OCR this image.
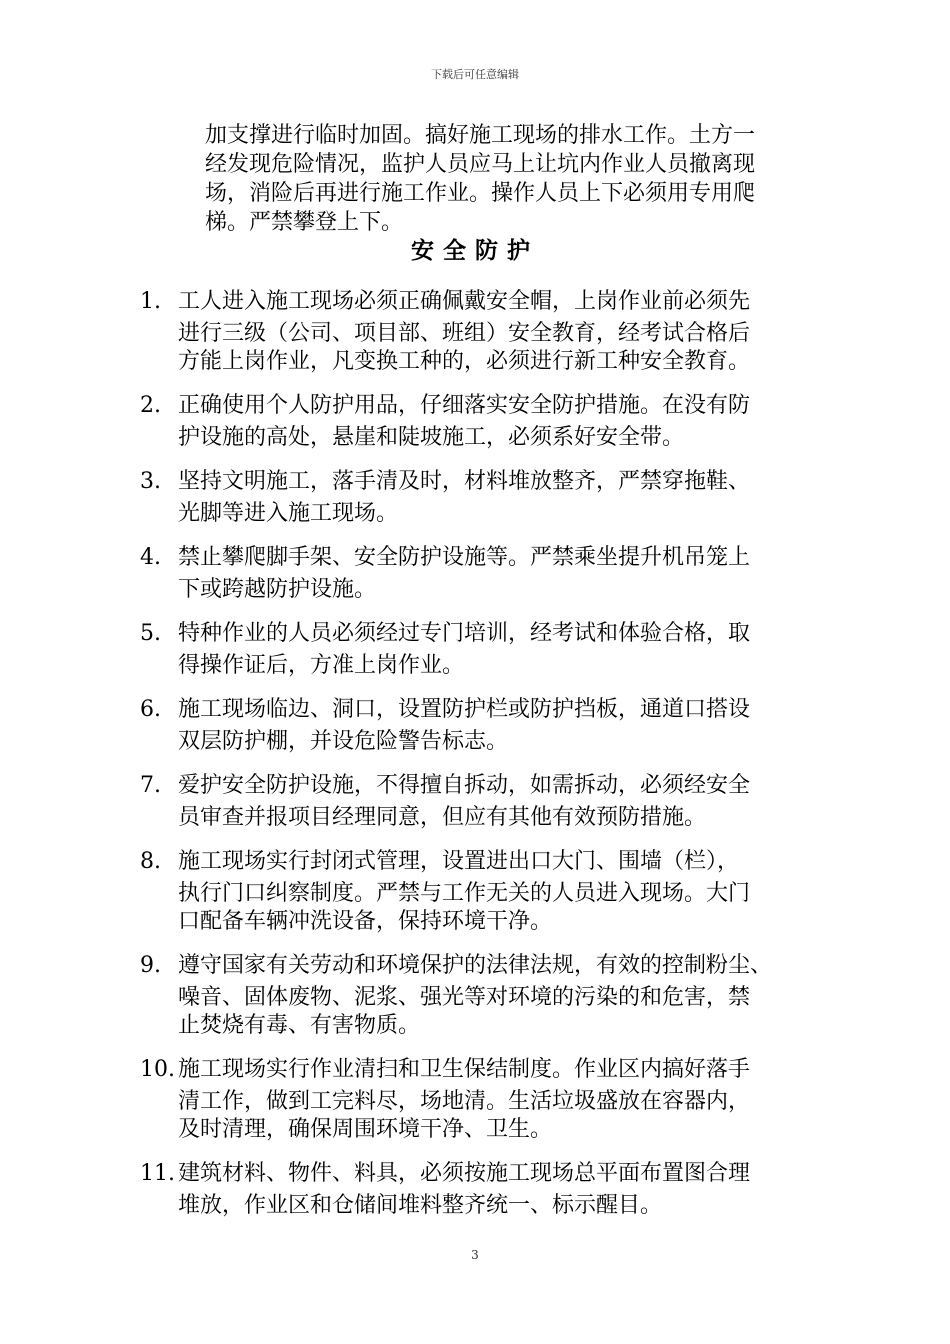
下载后可任意编辑
加支撑进行临时加固。搞好施工现场的排水工作。土方一
经发现危险情况，监护人员应马上让坑内作业人员撤离现
场，消险后再进行施工作业。操作人员上下必须用专用爬
梯。严禁攀登上下。
安全防护
1. 工人进入施工现场必须正确佩戴安全帽，上岗作业前必须先
进行三级（公司、项目部、班组）安全教育，经考试合格后
方能上岗作业，凡变换工种的，必须进行新工种安全教育。
2. 正确使用个人防护用品，仔细落实安全防护措施。在没有防
护设施的高处，悬崖和陡坡施工，必须系好安全带。
3. 坚持文明施工，落手清及时，材料堆放整齐，严禁穿拖鞋、
光脚等进入施工现场。
4. 禁止攀爬脚手架、安全防护设施等。严禁乘坐提升机吊笼上
下或跨越防护设施。
5. 特种作业的人员必须经过专门培训，经考试和体验合格，取
得操作证后，方准上岗作业。
6. 施工现场临边、洞口，设置防护栏或防护挡板，通道口搭设
双层防护棚，并设危险警告标志。
7. 爱护安全防护设施，不得擅自拆动，如需拆动，必须经安全
员审查并报项目经理同意，但应有其他有效预防措施。
8. 施工现场实行封闭式管理，设置进出口大门、围墙（栏），
执行门口纠察制度。严禁与工作无关的人员进入现场。大门
口配备车辆冲洗设备，保持环境干净。
9. 遵守国家有关劳动和环境保护的法律法规，有效的控制粉尘、
噪音、固体废物、泥浆、强光等对环境的污染的和危害，禁
止焚烧有毒、有害物质。
10. 施工现场实行作业清扫和卫生保结制度。作业区内搞好落手
清工作，做到工完料尽，场地清。生活垃圾盛放在容器内，
及时清理，确保周围环境干净、卫生。
11. 建筑材料、物件、料具，必须按施工现场总平面布置图合理
堆放，作业区和仓储间堆料整齐统一、标示醒目。
3
